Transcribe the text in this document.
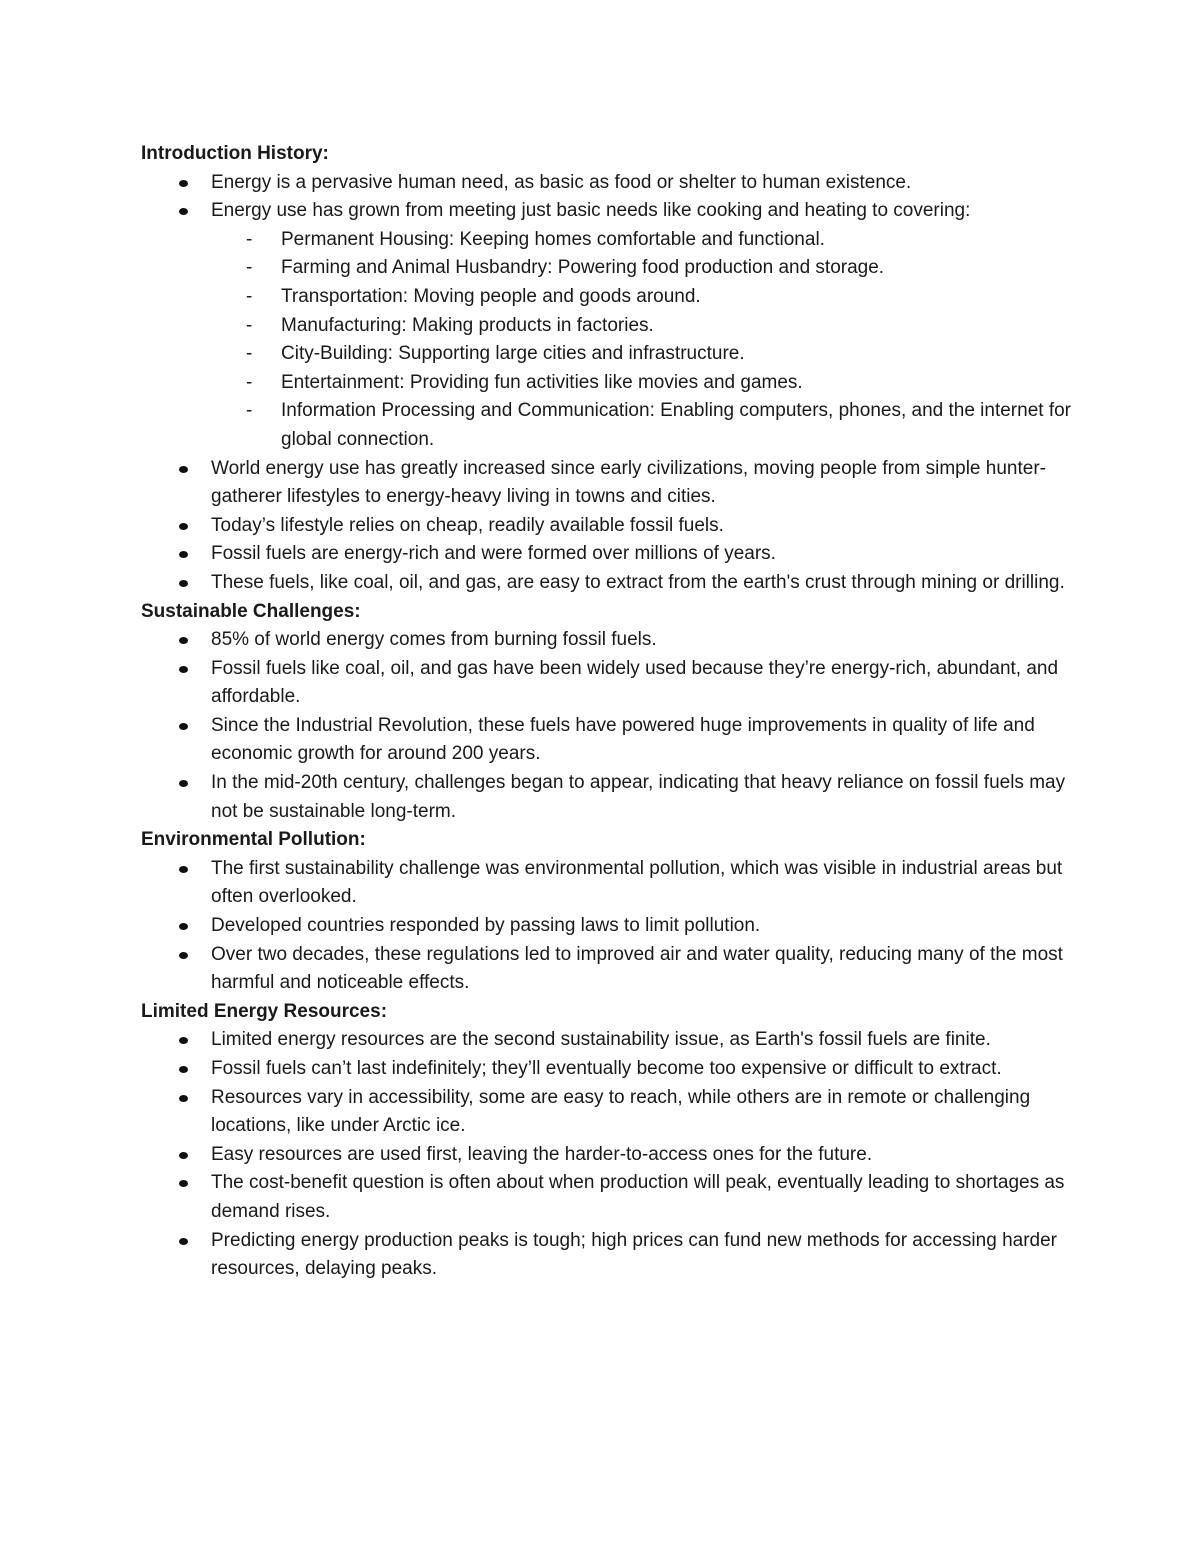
Introduction History:

Energy is a pervasive human need, as basic as food or shelter to human existence.
Energy use has grown from meeting just basic needs like cooking and heating to covering:
- Permanent Housing: Keeping homes comfortable and functional.
- Farming and Animal Husbandry: Powering food production and storage.
- Transportation: Moving people and goods around.
- Manufacturing: Making products in factories.
- City-Building: Supporting large cities and infrastructure.
- Entertainment: Providing fun activities like movies and games.
- Information Processing and Communication: Enabling computers, phones, and the internet for global connection.
World energy use has greatly increased since early civilizations, moving people from simple hunter-gatherer lifestyles to energy-heavy living in towns and cities.
Today’s lifestyle relies on cheap, readily available fossil fuels.
Fossil fuels are energy-rich and were formed over millions of years.
These fuels, like coal, oil, and gas, are easy to extract from the earth's crust through mining or drilling.

Sustainable Challenges:

85% of world energy comes from burning fossil fuels.
Fossil fuels like coal, oil, and gas have been widely used because they’re energy-rich, abundant, and affordable.
Since the Industrial Revolution, these fuels have powered huge improvements in quality of life and economic growth for around 200 years.
In the mid-20th century, challenges began to appear, indicating that heavy reliance on fossil fuels may not be sustainable long-term.

Environmental Pollution:

The first sustainability challenge was environmental pollution, which was visible in industrial areas but often overlooked.
Developed countries responded by passing laws to limit pollution.
Over two decades, these regulations led to improved air and water quality, reducing many of the most harmful and noticeable effects.

Limited Energy Resources:

Limited energy resources are the second sustainability issue, as Earth's fossil fuels are finite.
Fossil fuels can’t last indefinitely; they’ll eventually become too expensive or difficult to extract.
Resources vary in accessibility, some are easy to reach, while others are in remote or challenging locations, like under Arctic ice.
Easy resources are used first, leaving the harder-to-access ones for the future.
The cost-benefit question is often about when production will peak, eventually leading to shortages as demand rises.
Predicting energy production peaks is tough; high prices can fund new methods for accessing harder resources, delaying peaks.
